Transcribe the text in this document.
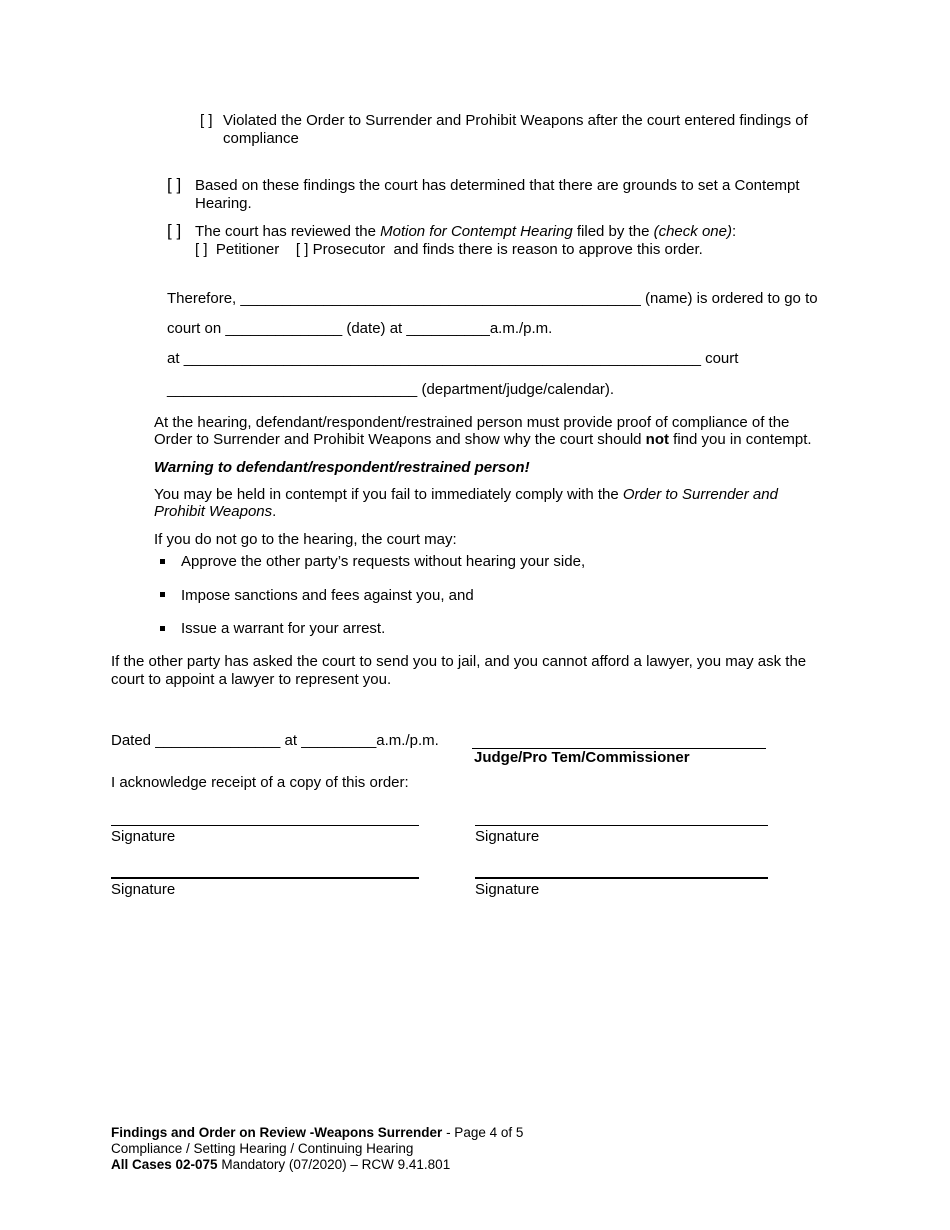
[ ] Violated the Order to Surrender and Prohibit Weapons after the court entered findings of
compliance
[ ] Based on these findings the court has determined that there are grounds to set a Contempt
Hearing.
[ ] The court has reviewed the Motion for Contempt Hearing filed by the (check one):
[ ] Petitioner [ ] Prosecutor and finds there is reason to approve this order.
Therefore, ________________________________________________ (name) is ordered to go to
court on ______________ (date) at __________a.m./p.m.
at ______________________________________________________________ court
______________________________ (department/judge/calendar).
At the hearing, defendant/respondent/restrained person must provide proof of compliance of the
Order to Surrender and Prohibit Weapons and show why the court should not find you in contempt.
Warning to defendant/respondent/restrained person!
You may be held in contempt if you fail to immediately comply with the Order to Surrender and
Prohibit Weapons.
If you do not go to the hearing, the court may:
Approve the other party’s requests without hearing your side,
Impose sanctions and fees against you, and
Issue a warrant for your arrest.
If the other party has asked the court to send you to jail, and you cannot afford a lawyer, you may ask the
court to appoint a lawyer to represent you.
Dated _______________ at _________a.m./p.m.
Judge/Pro Tem/Commissioner
I acknowledge receipt of a copy of this order:
Signature	Signature
Signature	Signature
Findings and Order on Review -Weapons Surrender - Page 4 of 5
Compliance / Setting Hearing / Continuing Hearing
All Cases 02-075 Mandatory (07/2020) – RCW 9.41.801
